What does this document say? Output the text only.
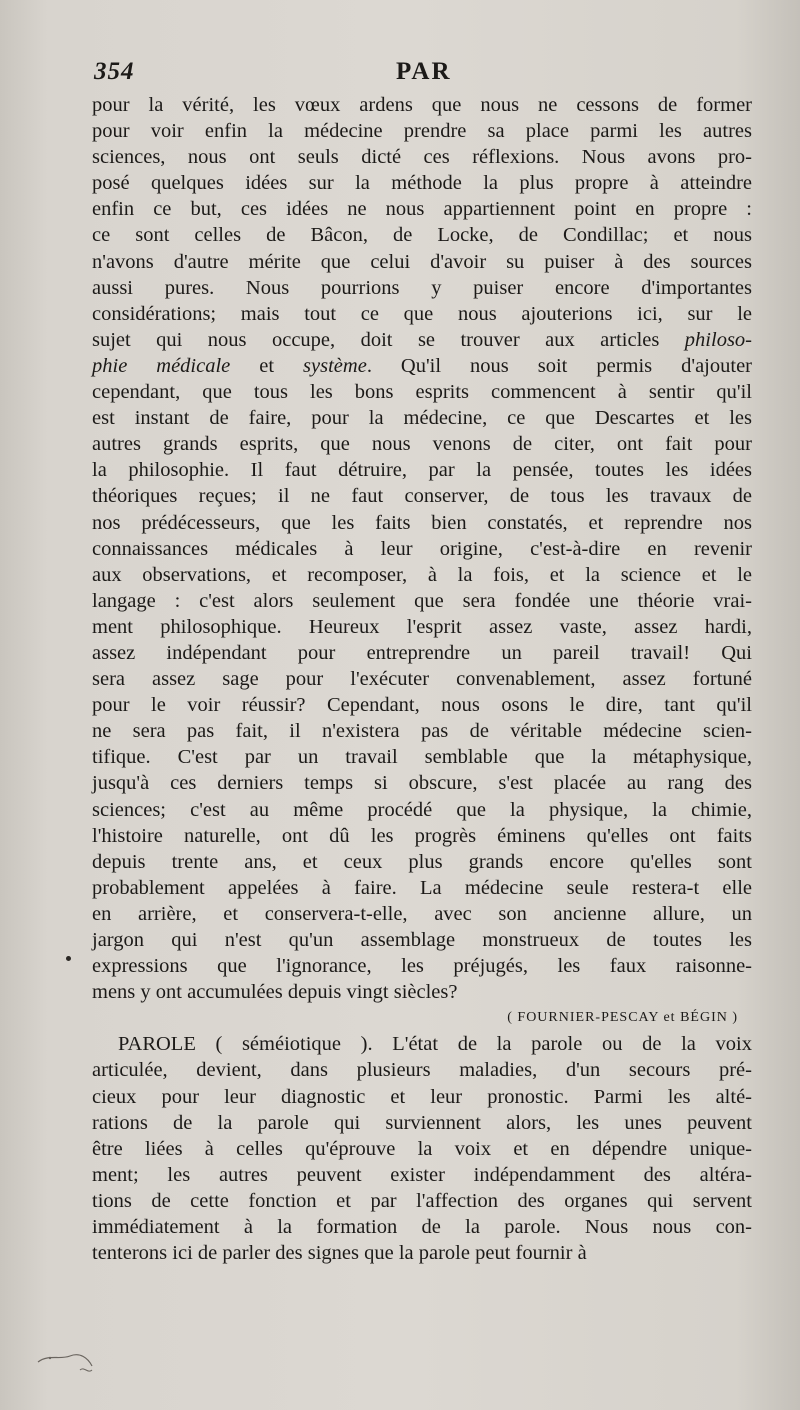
354	PAR
pour la vérité, les vœux ardens que nous ne cessons de former
pour voir enfin la médecine prendre sa place parmi les autres
sciences, nous ont seuls dicté ces réflexions. Nous avons pro-
posé quelques idées sur la méthode la plus propre à atteindre
enfin ce but, ces idées ne nous appartiennent point en propre :
ce sont celles de Bâcon, de Locke, de Condillac; et nous
n'avons d'autre mérite que celui d'avoir su puiser à des sources
aussi pures. Nous pourrions y puiser encore d'importantes
considérations; mais tout ce que nous ajouterions ici, sur le
sujet qui nous occupe, doit se trouver aux articles philoso-
phie médicale et système. Qu'il nous soit permis d'ajouter
cependant, que tous les bons esprits commencent à sentir qu'il
est instant de faire, pour la médecine, ce que Descartes et les
autres grands esprits, que nous venons de citer, ont fait pour
la philosophie. Il faut détruire, par la pensée, toutes les idées
théoriques reçues; il ne faut conserver, de tous les travaux de
nos prédécesseurs, que les faits bien constatés, et reprendre nos
connaissances médicales à leur origine, c'est-à-dire en revenir
aux observations, et recomposer, à la fois, et la science et le
langage : c'est alors seulement que sera fondée une théorie vrai-
ment philosophique. Heureux l'esprit assez vaste, assez hardi,
assez indépendant pour entreprendre un pareil travail! Qui
sera assez sage pour l'exécuter convenablement, assez fortuné
pour le voir réussir? Cependant, nous osons le dire, tant qu'il
ne sera pas fait, il n'existera pas de véritable médecine scien-
tifique. C'est par un travail semblable que la métaphysique,
jusqu'à ces derniers temps si obscure, s'est placée au rang des
sciences; c'est au même procédé que la physique, la chimie,
l'histoire naturelle, ont dû les progrès éminens qu'elles ont faits
depuis trente ans, et ceux plus grands encore qu'elles sont
probablement appelées à faire. La médecine seule restera-t elle
en arrière, et conservera-t-elle, avec son ancienne allure, un
jargon qui n'est qu'un assemblage monstrueux de toutes les
expressions que l'ignorance, les préjugés, les faux raisonne-
mens y ont accumulées depuis vingt siècles?
( FOURNIER-PESCAY et BÉGIN )
PAROLE ( séméiotique ). L'état de la parole ou de la voix
articulée, devient, dans plusieurs maladies, d'un secours pré-
cieux pour leur diagnostic et leur pronostic. Parmi les alté-
rations de la parole qui surviennent alors, les unes peuvent
être liées à celles qu'éprouve la voix et en dépendre unique-
ment; les autres peuvent exister indépendamment des altéra-
tions de cette fonction et par l'affection des organes qui servent
immédiatement à la formation de la parole. Nous nous con-
tenterons ici de parler des signes que la parole peut fournir à
